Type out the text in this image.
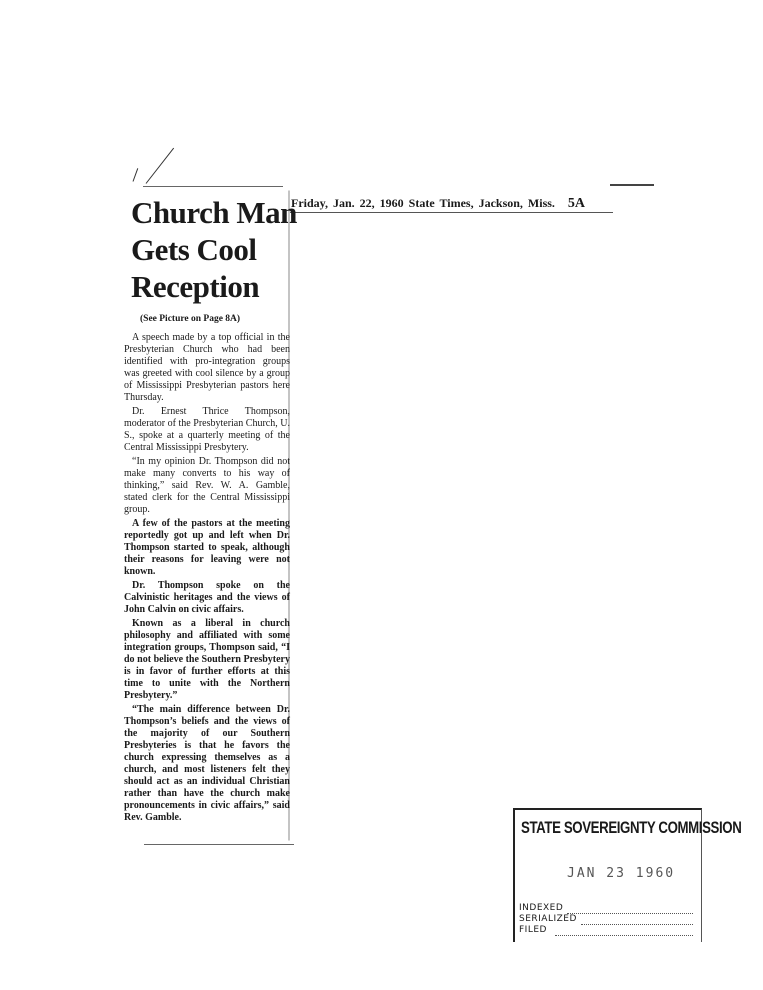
Church Man
Gets Cool
Reception
Friday, Jan. 22, 1960 State Times, Jackson, Miss. 5A
(See Picture on Page 8A)

A speech made by a top official in the Presbyterian Church who had been identified with pro-integration groups was greeted with cool silence by a group of Mississippi Presbyterian pastors here Thursday.

Dr. Ernest Thrice Thompson, moderator of the Presbyterian Church, U. S., spoke at a quarterly meeting of the Central Mississippi Presbytery.

“In my opinion Dr. Thompson did not make many converts to his way of thinking,” said Rev. W. A. Gamble, stated clerk for the Central Mississippi group.

A few of the pastors at the meeting reportedly got up and left when Dr. Thompson started to speak, although their reasons for leaving were not known.

Dr. Thompson spoke on the Calvinistic heritages and the views of John Calvin on civic affairs.

Known as a liberal in church philosophy and affiliated with some integration groups, Thompson said, “I do not believe the Southern Presbytery is in favor of further efforts at this time to unite with the Northern Presbytery.”

“The main difference between Dr. Thompson’s beliefs and the views of the majority of our Southern Presbyteries is that he favors the church expressing themselves as a church, and most listeners felt they should act as an individual Christian rather than have the church make pronouncements in civic affairs,” said Rev. Gamble.

STATE SOVEREIGNTY COMMISSION
JAN 23 1960
INDEXED
SERIALIZED
FILED
